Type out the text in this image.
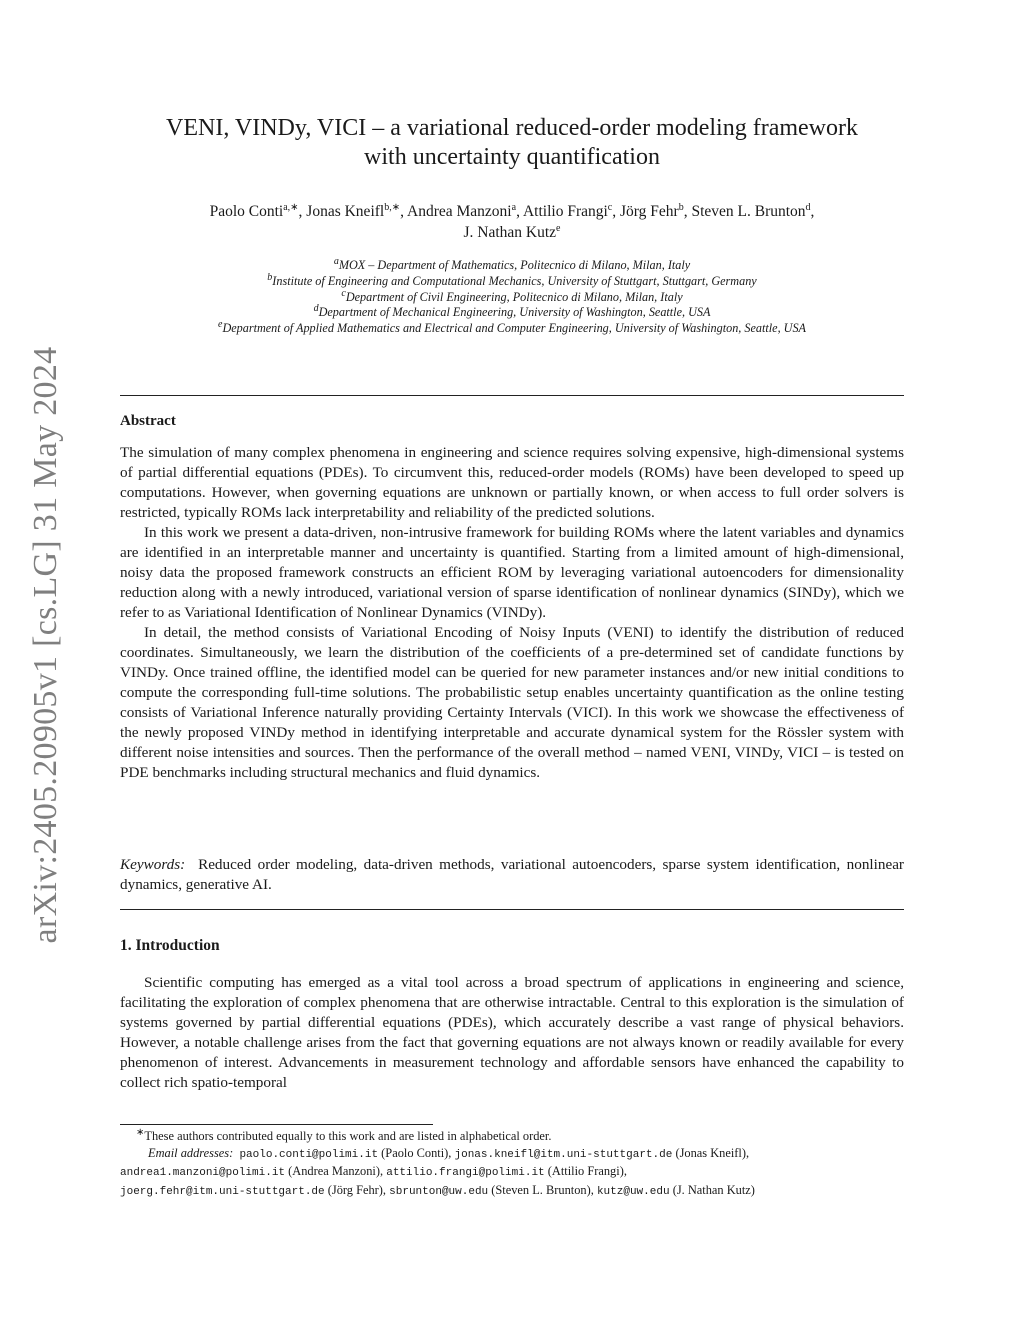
arXiv:2405.20905v1 [cs.LG] 31 May 2024
VENI, VINDy, VICI – a variational reduced-order modeling framework
with uncertainty quantification
Paolo Conti$^{a,∗}$, Jonas Kneifl$^{b,∗}$, Andrea Manzoni$^a$, Attilio Frangi$^c$, Jörg Fehr$^b$, Steven L. Brunton$^d$,
J. Nathan Kutz$^e$
$^a$MOX – Department of Mathematics, Politecnico di Milano, Milan, Italy
$^b$Institute of Engineering and Computational Mechanics, University of Stuttgart, Stuttgart, Germany
$^c$Department of Civil Engineering, Politecnico di Milano, Milan, Italy
$^d$Department of Mechanical Engineering, University of Washington, Seattle, USA
$^e$Department of Applied Mathematics and Electrical and Computer Engineering, University of Washington, Seattle, USA
Abstract

The simulation of many complex phenomena in engineering and science requires solving expensive, high-dimensional systems of partial differential equations (PDEs). To circumvent this, reduced-order models (ROMs) have been developed to speed up computations. However, when governing equations are unknown or partially known, or when access to full order solvers is restricted, typically ROMs lack interpretability and reliability of the predicted solutions.

In this work we present a data-driven, non-intrusive framework for building ROMs where the latent variables and dynamics are identified in an interpretable manner and uncertainty is quantified. Starting from a limited amount of high-dimensional, noisy data the proposed framework constructs an efficient ROM by leveraging variational autoencoders for dimensionality reduction along with a newly introduced, variational version of sparse identification of nonlinear dynamics (SINDy), which we refer to as Variational Identification of Nonlinear Dynamics (VINDy).

In detail, the method consists of Variational Encoding of Noisy Inputs (VENI) to identify the distribution of reduced coordinates. Simultaneously, we learn the distribution of the coefficients of a pre-determined set of candidate functions by VINDy. Once trained offline, the identified model can be queried for new parameter instances and/or new initial conditions to compute the corresponding full-time solutions. The probabilistic setup enables uncertainty quantification as the online testing consists of Variational Inference naturally providing Certainty Intervals (VICI). In this work we showcase the effectiveness of the newly proposed VINDy method in identifying interpretable and accurate dynamical system for the Rössler system with different noise intensities and sources. Then the performance of the overall method – named VENI, VINDy, VICI – is tested on PDE benchmarks including structural mechanics and fluid dynamics.

Keywords: Reduced order modeling, data-driven methods, variational autoencoders, sparse system identification, nonlinear dynamics, generative AI.

1. Introduction

Scientific computing has emerged as a vital tool across a broad spectrum of applications in engineering and science, facilitating the exploration of complex phenomena that are otherwise intractable. Central to this exploration is the simulation of systems governed by partial differential equations (PDEs), which accurately describe a vast range of physical behaviors. However, a notable challenge arises from the fact that governing equations are not always known or readily available for every phenomenon of interest. Advancements in measurement technology and affordable sensors have enhanced the capability to collect rich spatio-temporal

∗These authors contributed equally to this work and are listed in alphabetical order.
Email addresses: paolo.conti@polimi.it (Paolo Conti), jonas.kneifl@itm.uni-stuttgart.de (Jonas Kneifl),
andrea1.manzoni@polimi.it (Andrea Manzoni), attilio.frangi@polimi.it (Attilio Frangi),
joerg.fehr@itm.uni-stuttgart.de (Jörg Fehr), sbrunton@uw.edu (Steven L. Brunton), kutz@uw.edu (J. Nathan Kutz)
